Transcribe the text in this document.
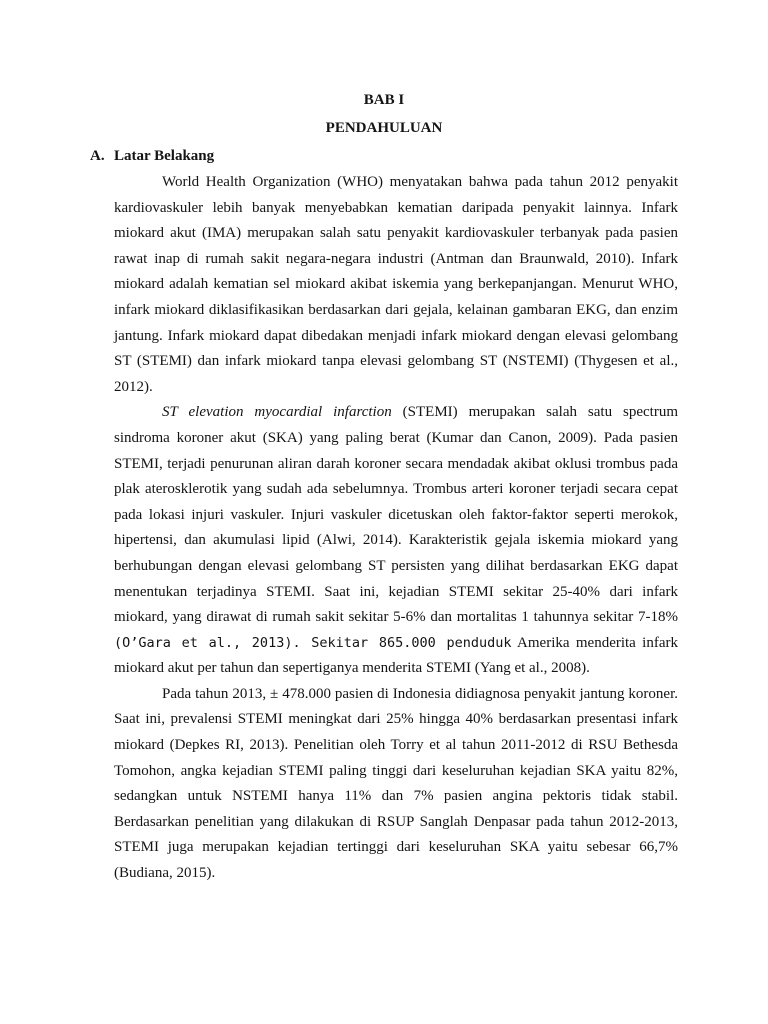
BAB I
PENDAHULUAN
A. Latar Belakang

World Health Organization (WHO) menyatakan bahwa pada tahun 2012 penyakit kardiovaskuler lebih banyak menyebabkan kematian daripada penyakit lainnya. Infark miokard akut (IMA) merupakan salah satu penyakit kardiovaskuler terbanyak pada pasien rawat inap di rumah sakit negara-negara industri (Antman dan Braunwald, 2010). Infark miokard adalah kematian sel miokard akibat iskemia yang berkepanjangan. Menurut WHO, infark miokard diklasifikasikan berdasarkan dari gejala, kelainan gambaran EKG, dan enzim jantung. Infark miokard dapat dibedakan menjadi infark miokard dengan elevasi gelombang ST (STEMI) dan infark miokard tanpa elevasi gelombang ST (NSTEMI) (Thygesen et al., 2012).

ST elevation myocardial infarction (STEMI) merupakan salah satu spectrum sindroma koroner akut (SKA) yang paling berat (Kumar dan Canon, 2009). Pada pasien STEMI, terjadi penurunan aliran darah koroner secara mendadak akibat oklusi trombus pada plak aterosklerotik yang sudah ada sebelumnya. Trombus arteri koroner terjadi secara cepat pada lokasi injuri vaskuler. Injuri vaskuler dicetuskan oleh faktor-faktor seperti merokok, hipertensi, dan akumulasi lipid (Alwi, 2014). Karakteristik gejala iskemia miokard yang berhubungan dengan elevasi gelombang ST persisten yang dilihat berdasarkan EKG dapat menentukan terjadinya STEMI. Saat ini, kejadian STEMI sekitar 25-40% dari infark miokard, yang dirawat di rumah sakit sekitar 5-6% dan mortalitas 1 tahunnya sekitar 7-18% (O’Gara et al., 2013). Sekitar 865.000 penduduk Amerika menderita infark miokard akut per tahun dan sepertiganya menderita STEMI (Yang et al., 2008).

Pada tahun 2013, ± 478.000 pasien di Indonesia didiagnosa penyakit jantung koroner. Saat ini, prevalensi STEMI meningkat dari 25% hingga 40% berdasarkan presentasi infark miokard (Depkes RI, 2013). Penelitian oleh Torry et al tahun 2011-2012 di RSU Bethesda Tomohon, angka kejadian STEMI paling tinggi dari keseluruhan kejadian SKA yaitu 82%, sedangkan untuk NSTEMI hanya 11% dan 7% pasien angina pektoris tidak stabil. Berdasarkan penelitian yang dilakukan di RSUP Sanglah Denpasar pada tahun 2012-2013, STEMI juga merupakan kejadian tertinggi dari keseluruhan SKA yaitu sebesar 66,7% (Budiana, 2015).
